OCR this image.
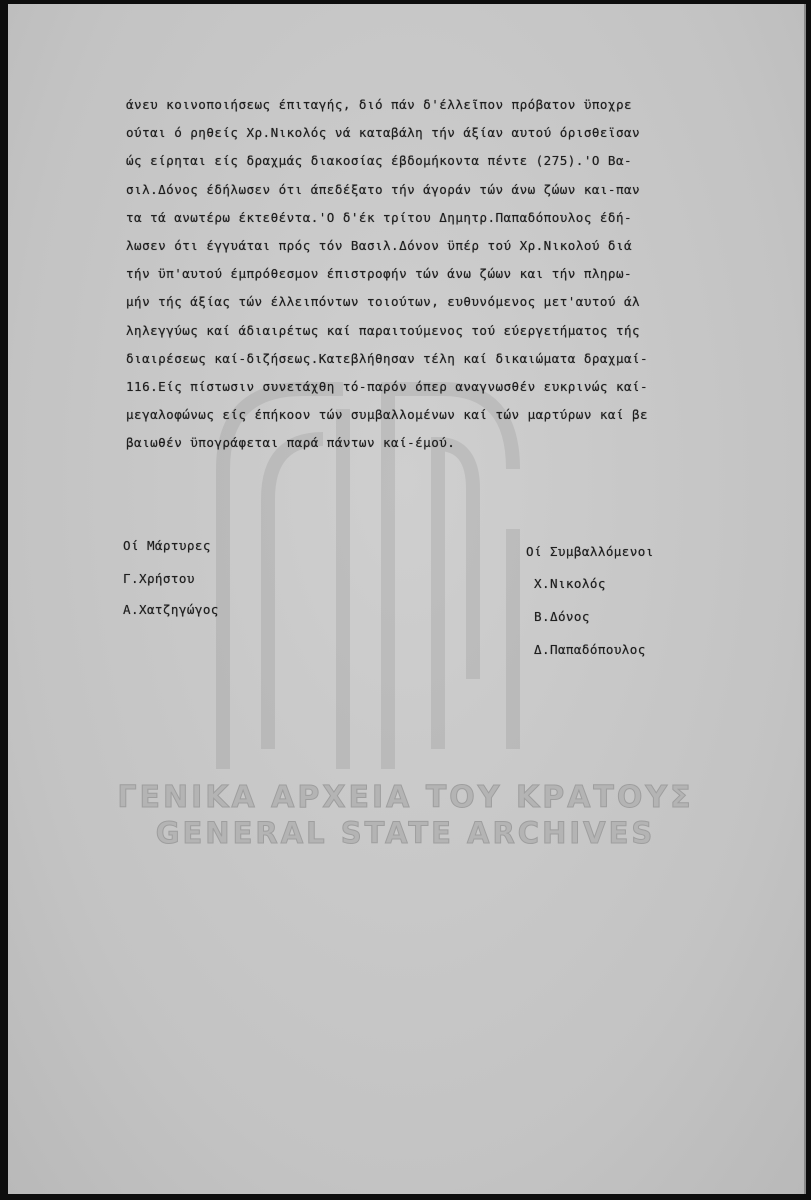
άνευ κοινοποιήσεως έπιταγής, διό πάν δ'έλλεῖπον πρόβατον ϋποχρε
ούται ό ρηθείς Χρ.Νικολός νά καταβάλη τήν άξίαν αυτού όρισθεϊσαν
ώς είρηται είς δραχμάς διακοσίας έβδομήκοντα πέντε (275).'Ο Βα-
σιλ.Δόνος έδήλωσεν ότι άπεδέξατο τήν άγοράν τών άνω ζώων και-παν
τα τά ανωτέρω έκτεθέντα.'Ο δ'έκ τρίτου Δημητρ.Παπαδόπουλος έδή-
λωσεν ότι έγγυάται πρός τόν Βασιλ.Δόνον ϋπέρ τού Χρ.Νικολού διά
τήν ϋπ'αυτού έμπρόθεσμον έπιστροφήν τών άνω ζώων και τήν πληρω-
μήν τής άξίας τών έλλειπόντων τοιούτων, ευθυνόμενος μετ'αυτού άλ
ληλεγγύως καί άδιαιρέτως καί παραιτούμενος τού εύεργετήματος τής
διαιρέσεως καί-διζήσεως.Κατεβλήθησαν τέλη καί δικαιώματα δραχμαί-
116.Είς πίστωσιν συνετάχθη τό-παρόν όπερ αναγνωσθέν ευκρινώς καί-
μεγαλοφώνως είς έπήκοον τών συμβαλλομένων καί τών μαρτύρων καί βε
βαιωθέν ϋπογράφεται παρά πάντων καί-έμού.
Οί Μάρτυρες
Γ.Χρήστου
Α.Χατζηγώγος
Οί Συμβαλλόμενοι
Χ.Νικολός
Β.Δόνος
Δ.Παπαδόπουλος
ΓΕΝΙΚΑ ΑΡΧΕΙΑ ΤΟΥ ΚΡΑΤΟΥΣ
GENERAL STATE ARCHIVES
